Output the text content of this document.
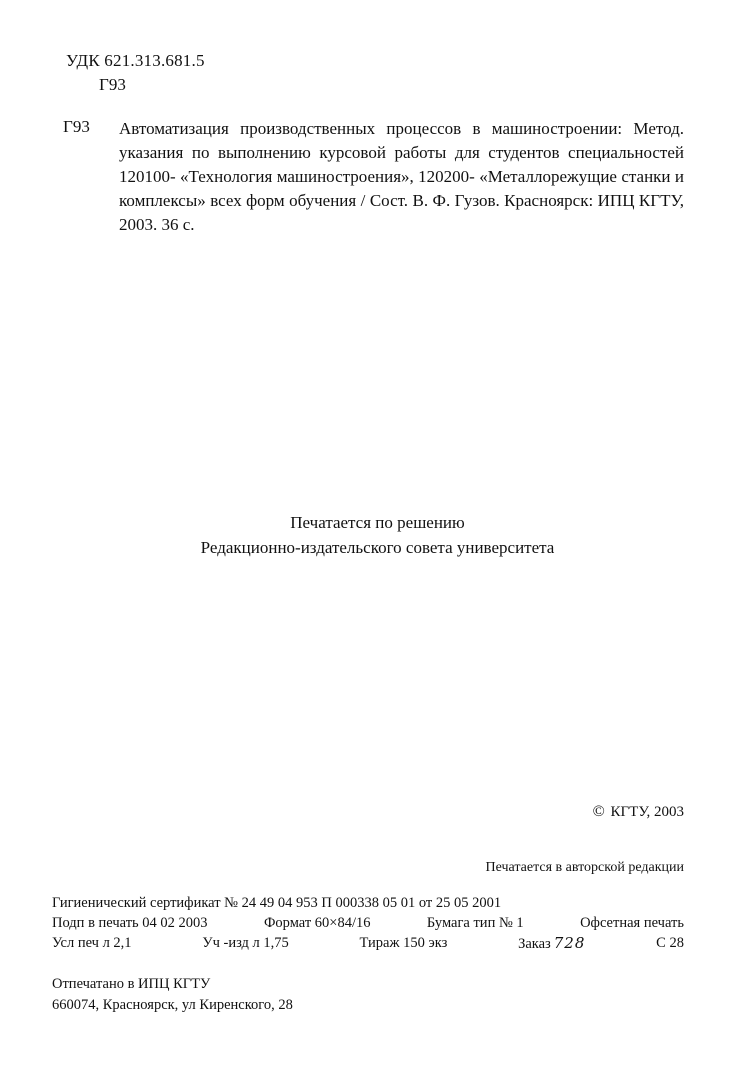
УДК 621.313.681.5
Г93
Г93 Автоматизация производственных процессов в машиностроении: Метод. указания по выполнению курсовой работы для студентов специальностей 120100- «Технология машиностроения», 120200- «Металлорежущие станки и комплексы» всех форм обучения / Сост. В. Ф. Гузов. Красноярск: ИПЦ КГТУ, 2003. 36 с.
Печатается по решению
Редакционно-издательского совета университета
© КГТУ, 2003
Печатается в авторской редакции
Гигиенический сертификат № 24 49 04 953 П 000338 05 01 от 25 05 2001
Подп в печать 04 02 2003	Формат 60×84/16	Бумага тип № 1	Офсетная печать
Усл печ л 2,1	Уч -изд л 1,75	Тираж 150 экз	Заказ 728	С 28
Отпечатано в ИПЦ КГТУ
660074, Красноярск, ул Киренского, 28
